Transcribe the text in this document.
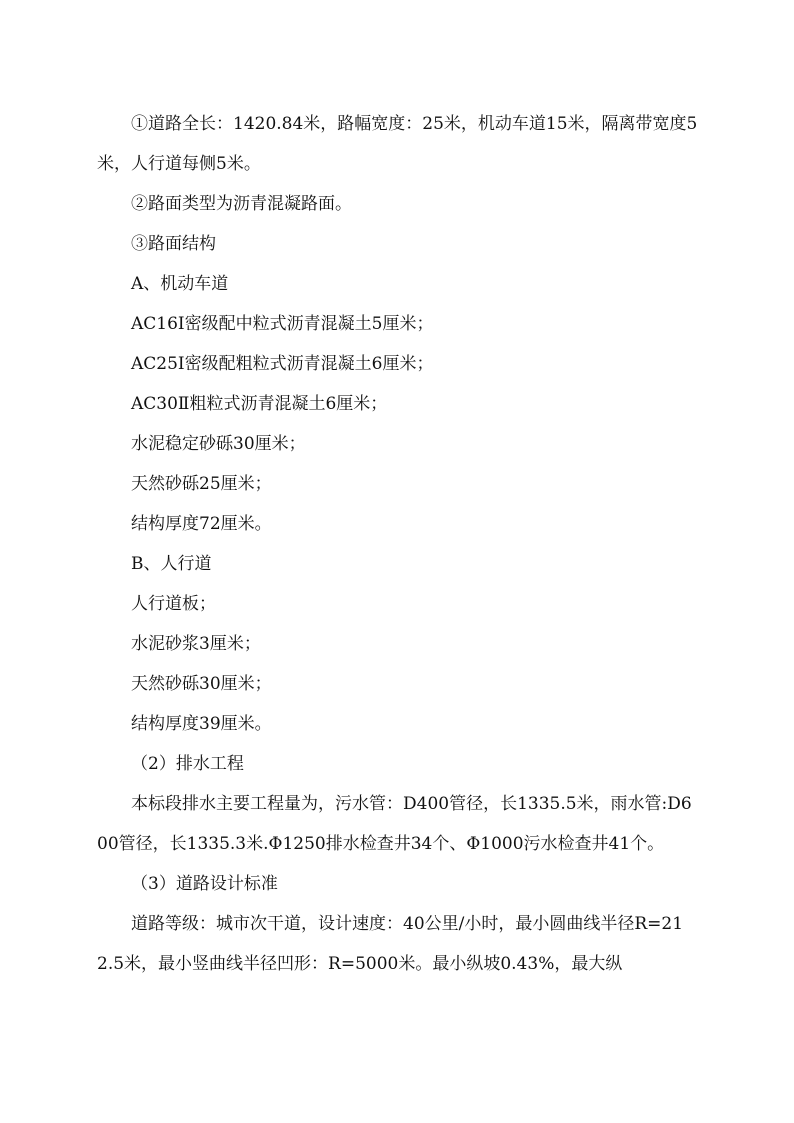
①道路全长：1420.84米，路幅宽度：25米，机动车道15米，隔离带宽度5米，人行道每侧5米。

②路面类型为沥青混凝路面。

③路面结构

A、机动车道

AC16Ⅰ密级配中粒式沥青混凝土5厘米；

AC25Ⅰ密级配粗粒式沥青混凝土6厘米；

AC30Ⅱ粗粒式沥青混凝土6厘米；

水泥稳定砂砾30厘米；

天然砂砾25厘米；

结构厚度72厘米。

B、人行道

人行道板；

水泥砂浆3厘米；

天然砂砾30厘米；

结构厚度39厘米。

（2）排水工程

本标段排水主要工程量为，污水管：D400管径，长1335.5米，雨水管:D600管径，长1335.3米.Φ1250排水检查井34个、Φ1000污水检查井41个。

（3）道路设计标准

道路等级：城市次干道，设计速度：40公里/小时，最小圆曲线半径R=212.5米，最小竖曲线半径凹形：R=5000米。最小纵坡0.43%，最大纵
